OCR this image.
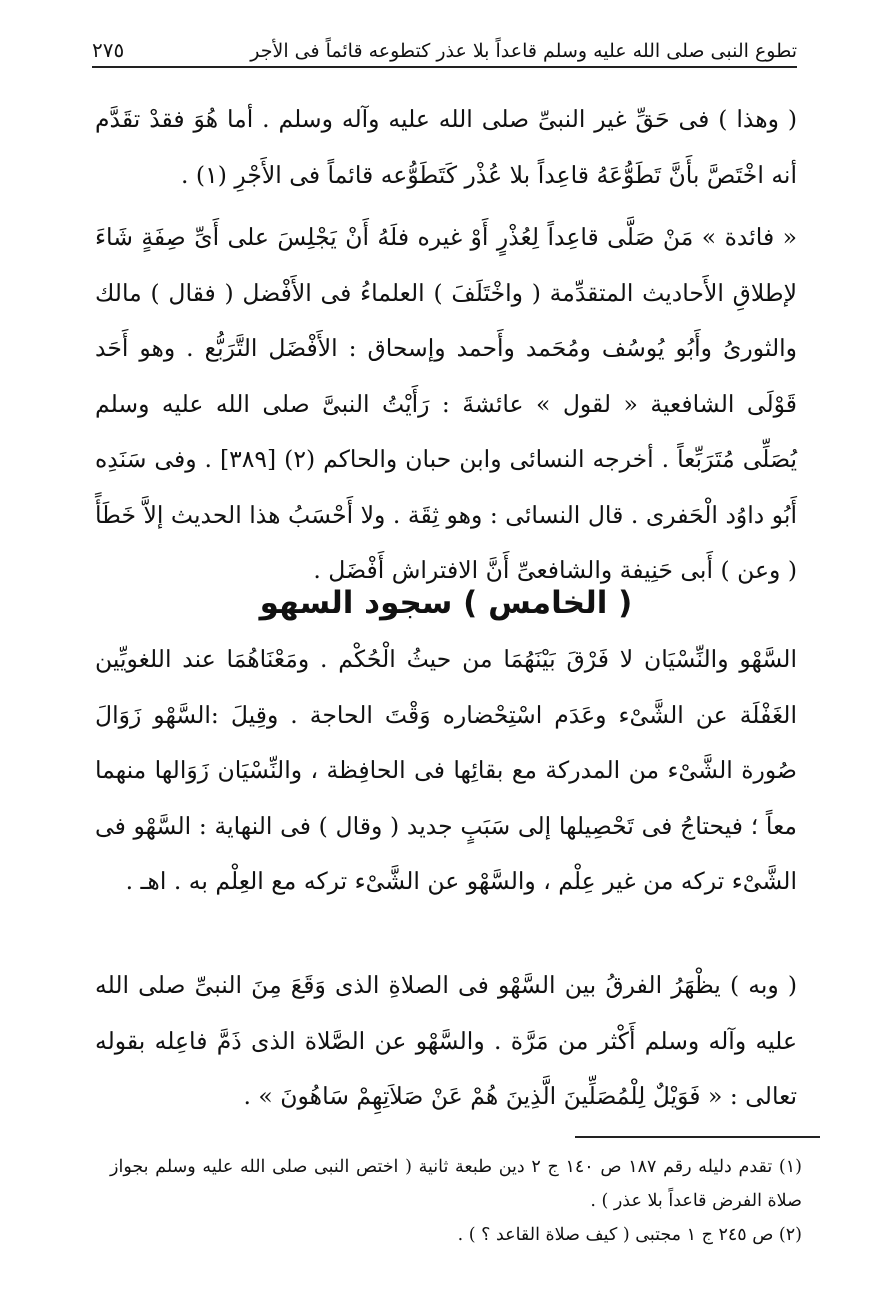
تطوع النبى صلى الله عليه وسلم قاعداً بلا عذر كتطوعه قائماً فى الأجر
٢٧٥

( وهذا ) فى حَقِّ غير النبىِّ صلى الله عليه وآله وسلم . أما هُوَ فقدْ تقَدَّم أنه اخْتَصَّ بأَنَّ تَطَوُّعَهُ قاعِداً بلا عُذْر كَتَطَوُّعه قائماً فى الأَجْرِ (١) .

« فائدة » مَنْ صَلَّى قاعِداً لِعُذْرٍ أَوْ غيره فلَهُ أَنْ يَجْلِسَ على أَىِّ صِفَةٍ شَاءَ لإطلاقِ الأَحاديث المتقدِّمة ( واخْتَلَفَ ) العلماءُ فى الأَفْضل ( فقال ) مالك والثورىُ وأَبُو يُوسُف ومُحَمد وأَحمد وإسحاق : الأَفْضَل التَّرَبُّع . وهو أَحَد قَوْلَى الشافعية « لقول » عائشةَ : رَأَيْتُ النبىَّ صلى الله عليه وسلم يُصَلِّى مُتَرَبِّعاً . أخرجه النسائى وابن حبان والحاكم (٢) [٣٨٩] . وفى سَنَدِه أَبُو داوُد الْحَفرى . قال النسائى : وهو ثِقَة . ولا أَحْسَبُ هذا الحديث إلاَّ خَطَأً ( وعن ) أَبى حَنِيفة والشافعىِّ أَنَّ الافتراش أَفْضَل .

( الخامس ) سجود السهو

السَّهْو والنِّسْيَان لا فَرْقَ بَيْنَهُمَا من حيثُ الْحُكْم . ومَعْنَاهُمَا عند اللغويِّين الغَفْلَة عن الشَّىْء وعَدَم اسْتِحْضاره وَقْتَ الحاجة . وقِيلَ :السَّهْو زَوَالَ صُورة الشَّىْء من المدركة مع بقائِها فى الحافِظة ، والنِّسْيَان زَوَالها منهما معاً ؛ فيحتاجُ فى تَحْصِيلها إلى سَبَبٍ جديد ( وقال ) فى النهاية : السَّهْو فى الشَّىْء تركه من غير عِلْم ، والسَّهْو عن الشَّىْء تركه مع العِلْم به . اهـ .

( وبه ) يظْهَرُ الفرقُ بين السَّهْو فى الصلاةِ الذى وَقَعَ مِنَ النبىِّ صلى الله عليه وآله وسلم أَكْثر من مَرَّة . والسَّهْو عن الصَّلاة الذى ذَمَّ فاعِله بقوله تعالى : « فَوَيْلٌ لِلْمُصَلِّينَ الَّذِينَ هُمْ عَنْ صَلاَتِهِمْ سَاهُونَ » .

(١) تقدم دليله رقم ١٨٧ ص ١٤٠ ج ٢ دين طبعة ثانية ( اختص النبى صلى الله عليه وسلم بجواز صلاة الفرض قاعداً بلا عذر ) .

(٢) ص ٢٤٥ ج ١ مجتبى ( كيف صلاة القاعد ؟ ) .
